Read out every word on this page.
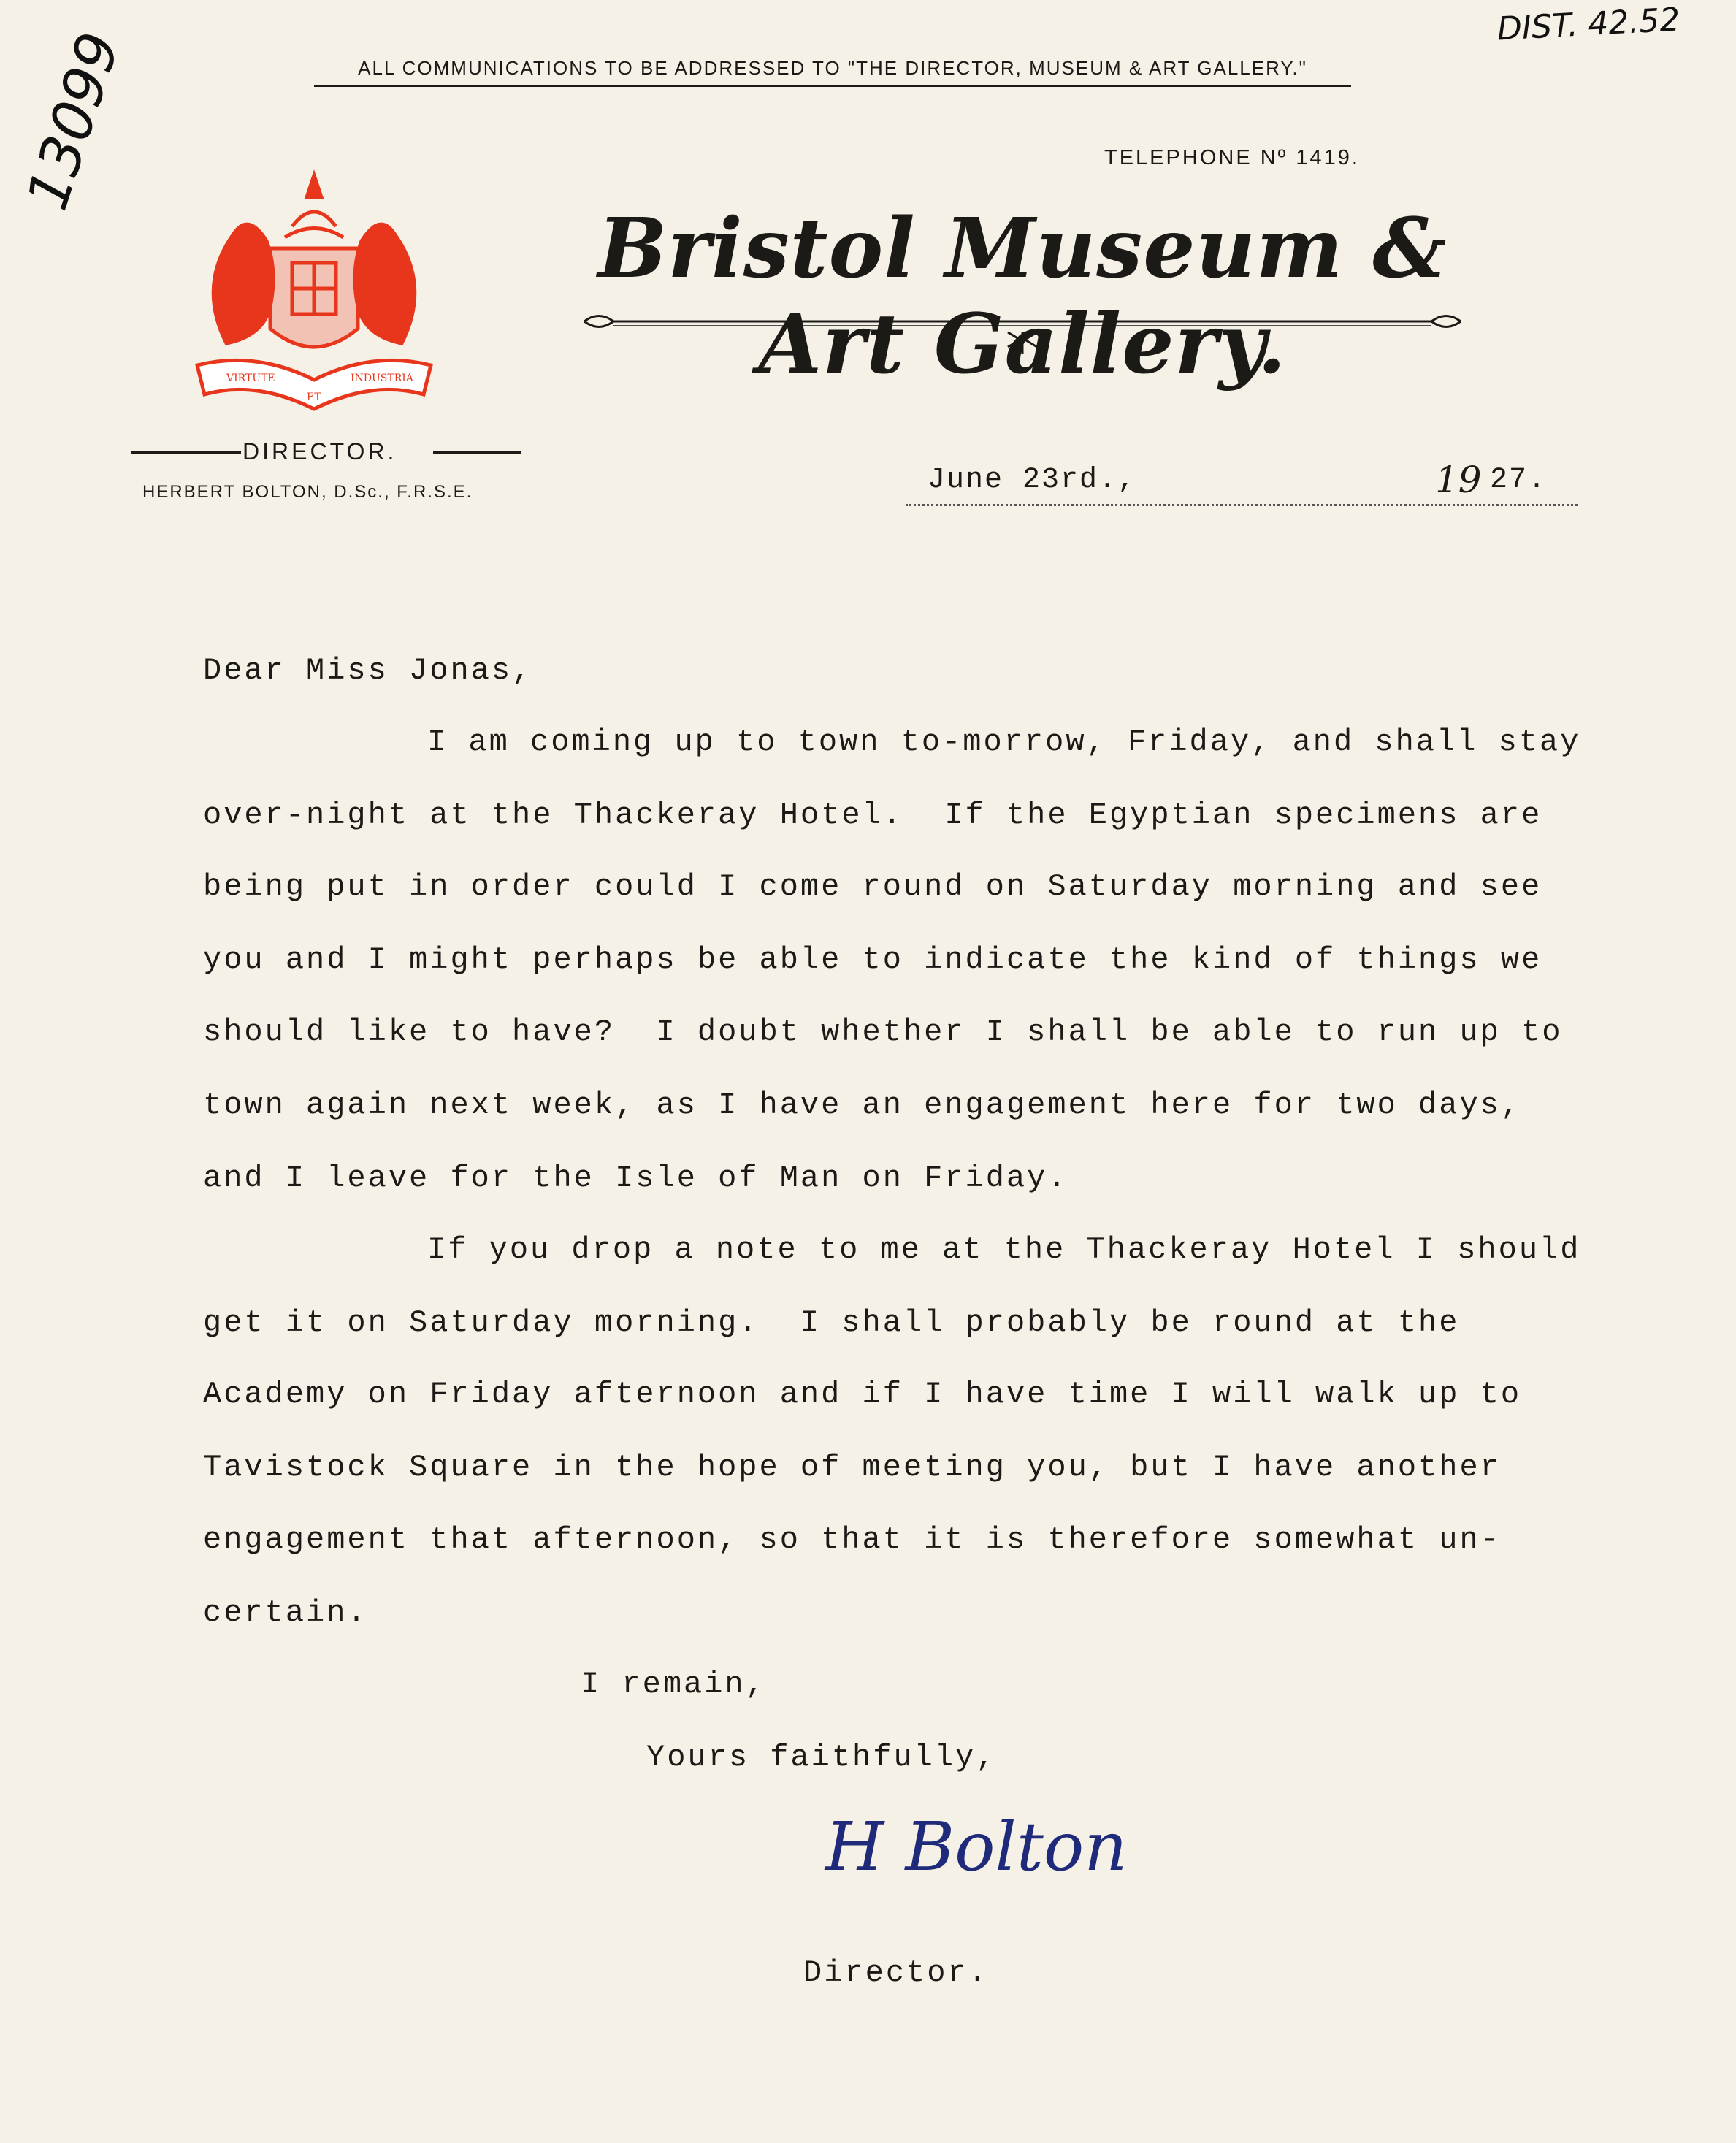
DIST. 42.52
13099	ALL COMMUNICATIONS TO BE ADDRESSED TO "THE DIRECTOR, MUSEUM & ART GALLERY."
TELEPHONE Nº 1419.
VIRTUTE
ET
INDUSTRIA
Bristol Museum & Art Gallery.
DIRECTOR.
HERBERT BOLTON, D.Sc., F.R.S.E.	June 23rd.,	19 27.
Dear Miss Jonas,
I am coming up to town to-morrow, Friday, and shall stay
over-night at the Thackeray Hotel.  If the Egyptian specimens are
being put in order could I come round on Saturday morning and see
you and I might perhaps be able to indicate the kind of things we
should like to have?  I doubt whether I shall be able to run up to
town again next week, as I have an engagement here for two days,
and I leave for the Isle of Man on Friday.
If you drop a note to me at the Thackeray Hotel I should
get it on Saturday morning.  I shall probably be round at the
Academy on Friday afternoon and if I have time I will walk up to
Tavistock Square in the hope of meeting you, but I have another
engagement that afternoon, so that it is therefore somewhat un-
certain.
I remain,
Yours faithfully,
H Bolton
Director.
